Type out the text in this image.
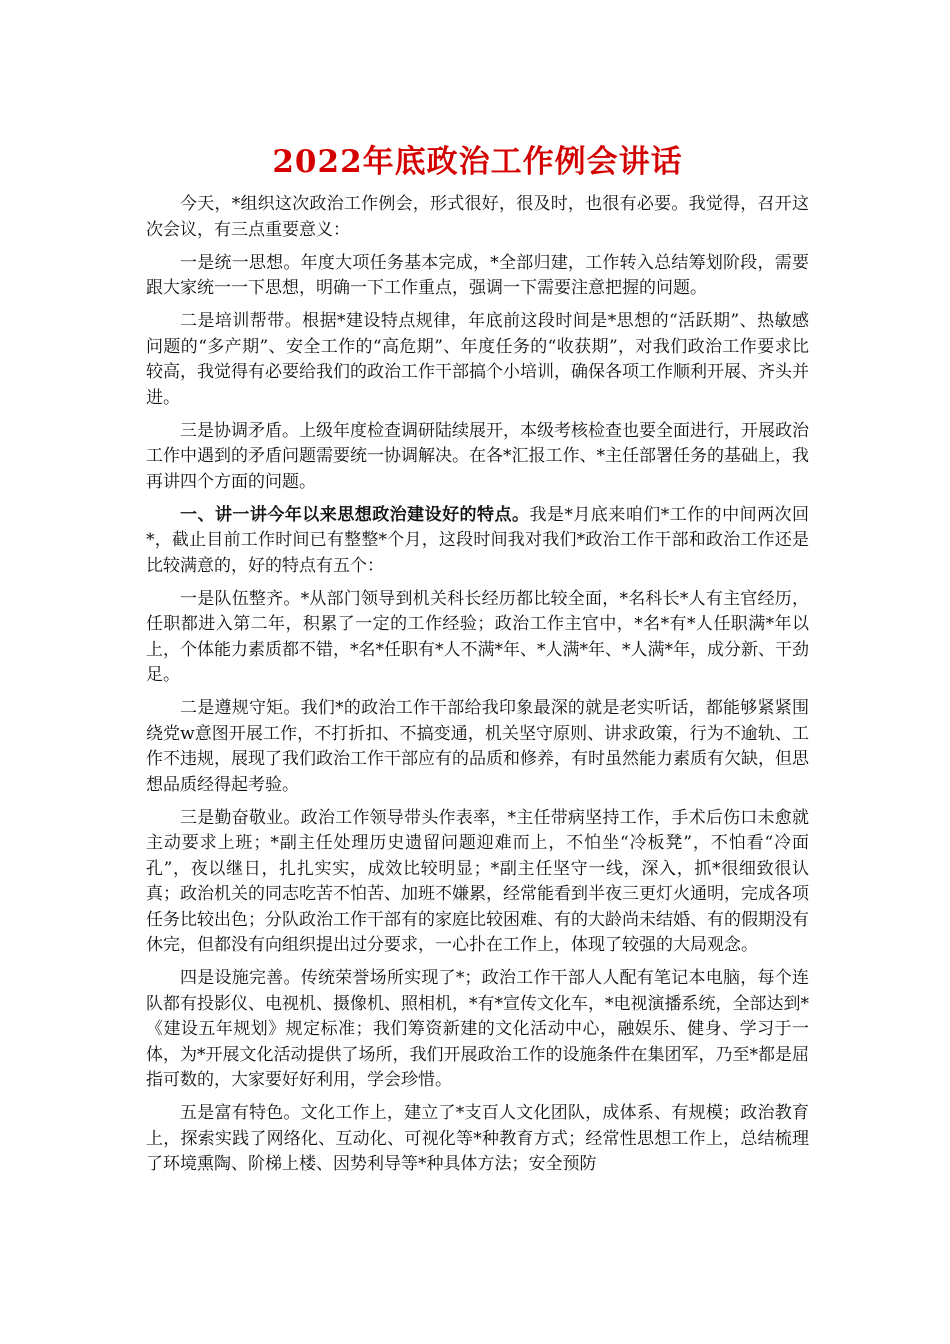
2022年底政治工作例会讲话

今天，*组织这次政治工作例会，形式很好，很及时，也很有必要。我觉得，召开这次会议，有三点重要意义：

一是统一思想。年度大项任务基本完成，*全部归建，工作转入总结筹划阶段，需要跟大家统一一下思想，明确一下工作重点，强调一下需要注意把握的问题。

二是培训帮带。根据*建设特点规律，年底前这段时间是*思想的“活跃期”、热敏感问题的“多产期”、安全工作的“高危期”、年度任务的“收获期”，对我们政治工作要求比较高，我觉得有必要给我们的政治工作干部搞个小培训，确保各项工作顺利开展、齐头并进。

三是协调矛盾。上级年度检查调研陆续展开，本级考核检查也要全面进行，开展政治工作中遇到的矛盾问题需要统一协调解决。在各*汇报工作、*主任部署任务的基础上，我再讲四个方面的问题。

一、讲一讲今年以来思想政治建设好的特点。我是*月底来咱们*工作的中间两次回*，截止目前工作时间已有整整*个月，这段时间我对我们*政治工作干部和政治工作还是比较满意的，好的特点有五个：

一是队伍整齐。*从部门领导到机关科长经历都比较全面，*名科长*人有主官经历，任职都进入第二年，积累了一定的工作经验；政治工作主官中，*名*有*人任职满*年以上，个体能力素质都不错，*名*任职有*人不满*年、*人满*年、*人满*年，成分新、干劲足。

二是遵规守矩。我们*的政治工作干部给我印象最深的就是老实听话，都能够紧紧围绕党w意图开展工作，不打折扣、不搞变通，机关坚守原则、讲求政策，行为不逾轨、工作不违规，展现了我们政治工作干部应有的品质和修养，有时虽然能力素质有欠缺，但思想品质经得起考验。

三是勤奋敬业。政治工作领导带头作表率，*主任带病坚持工作，手术后伤口未愈就主动要求上班；*副主任处理历史遗留问题迎难而上，不怕坐“冷板凳”，不怕看“冷面孔”，夜以继日，扎扎实实，成效比较明显；*副主任坚守一线，深入，抓*很细致很认真；政治机关的同志吃苦不怕苦、加班不嫌累，经常能看到半夜三更灯火通明，完成各项任务比较出色；分队政治工作干部有的家庭比较困难、有的大龄尚未结婚、有的假期没有休完，但都没有向组织提出过分要求，一心扑在工作上，体现了较强的大局观念。

四是设施完善。传统荣誉场所实现了*；政治工作干部人人配有笔记本电脑，每个连队都有投影仪、电视机、摄像机、照相机，*有*宣传文化车，*电视演播系统，全部达到*《建设五年规划》规定标准；我们筹资新建的文化活动中心，融娱乐、健身、学习于一体，为*开展文化活动提供了场所，我们开展政治工作的设施条件在集团军，乃至*都是屈指可数的，大家要好好利用，学会珍惜。

五是富有特色。文化工作上，建立了*支百人文化团队，成体系、有规模；政治教育上，探索实践了网络化、互动化、可视化等*种教育方式；经常性思想工作上，总结梳理了环境熏陶、阶梯上楼、因势利导等*种具体方法；安全预防
